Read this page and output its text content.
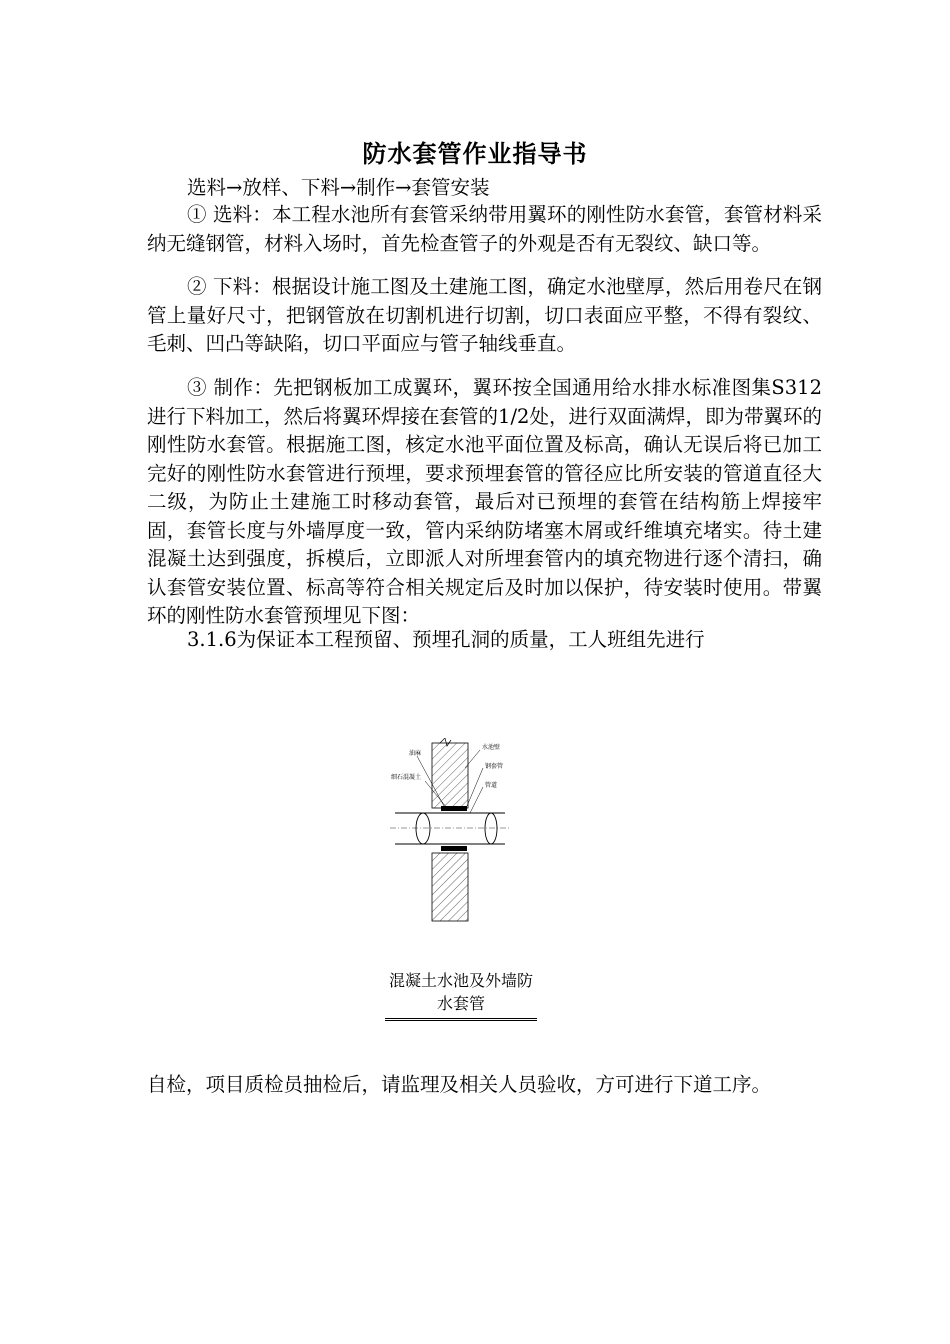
防水套管作业指导书

选料→放样、下料→制作→套管安装

① 选料：本工程水池所有套管采纳带用翼环的刚性防水套管，套管材料采纳无缝钢管，材料入场时，首先检查管子的外观是否有无裂纹、缺口等。

② 下料：根据设计施工图及土建施工图，确定水池壁厚，然后用卷尺在钢管上量好尺寸，把钢管放在切割机进行切割，切口表面应平整，不得有裂纹、毛刺、凹凸等缺陷，切口平面应与管子轴线垂直。

③ 制作：先把钢板加工成翼环，翼环按全国通用给水排水标准图集S312进行下料加工，然后将翼环焊接在套管的1/2处，进行双面满焊，即为带翼环的刚性防水套管。根据施工图，核定水池平面位置及标高，确认无误后将已加工完好的刚性防水套管进行预埋，要求预埋套管的管径应比所安装的管道直径大二级，为防止土建施工时移动套管，最后对已预埋的套管在结构筋上焊接牢固，套管长度与外墙厚度一致，管内采纳防堵塞木屑或纤维填充堵实。待土建混凝土达到强度，拆模后，立即派人对所埋套管内的填充物进行逐个清扫，确认套管安装位置、标高等符合相关规定后及时加以保护，待安装时使用。带翼环的刚性防水套管预埋见下图：

3.1.6为保证本工程预留、预埋孔洞的质量，工人班组先进行

油麻
细石混凝土
水池壁
钢套管
管道
混凝土水池及外墙防水套管

自检，项目质检员抽检后，请监理及相关人员验收，方可进行下道工序。
